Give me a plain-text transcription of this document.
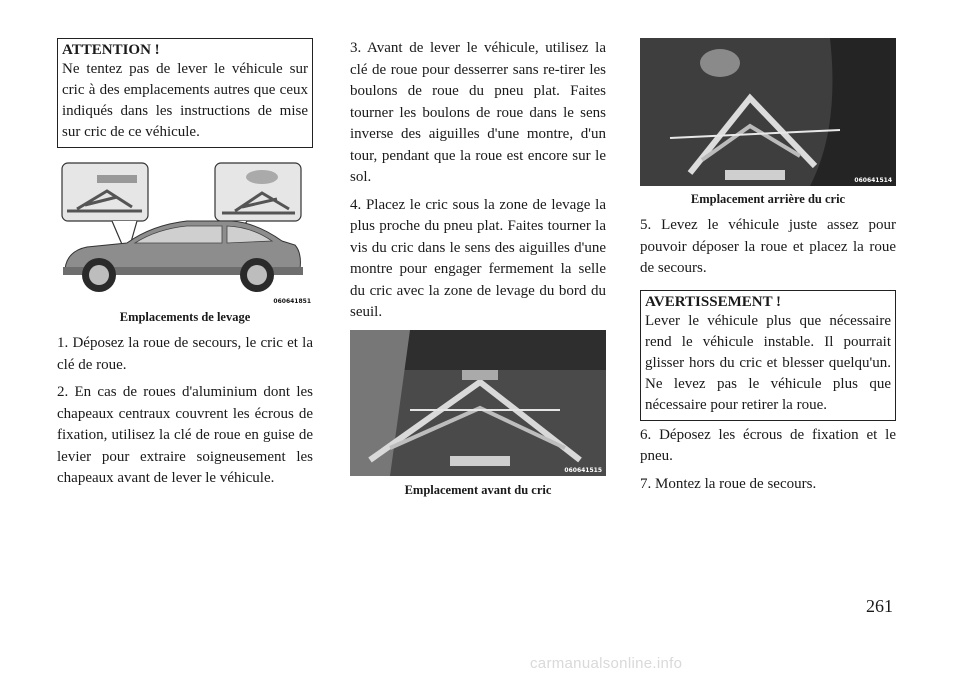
ATTENTION !
Ne tentez pas de lever le véhicule sur cric à des emplacements autres que ceux indiqués dans les instructions de mise sur cric de ce véhicule.
060641851
Emplacements de levage

1. Déposez la roue de secours, le cric et la clé de roue.

2. En cas de roues d'aluminium dont les chapeaux centraux couvrent les écrous de fixation, utilisez la clé de roue en guise de levier pour extraire soigneusement les chapeaux avant de lever le véhicule.

3. Avant de lever le véhicule, utilisez la clé de roue pour desserrer sans re-tirer les boulons de roue du pneu plat. Faites tourner les boulons de roue dans le sens inverse des aiguilles d'une montre, d'un tour, pendant que la roue est encore sur le sol.

4. Placez le cric sous la zone de levage la plus proche du pneu plat. Faites tourner la vis du cric dans le sens des aiguilles d'une montre pour engager fermement la selle du cric avec la zone de levage du bord du seuil.

060641515
Emplacement avant du cric
060641514
Emplacement arrière du cric

5. Levez le véhicule juste assez pour pouvoir déposer la roue et placez la roue de secours.

AVERTISSEMENT !
Lever le véhicule plus que nécessaire rend le véhicule instable. Il pourrait glisser hors du cric et blesser quelqu'un. Ne levez pas le véhicule plus que nécessaire pour retirer la roue.

6. Déposez les écrous de fixation et le pneu.

7. Montez la roue de secours.

261
carmanualsonline.info
